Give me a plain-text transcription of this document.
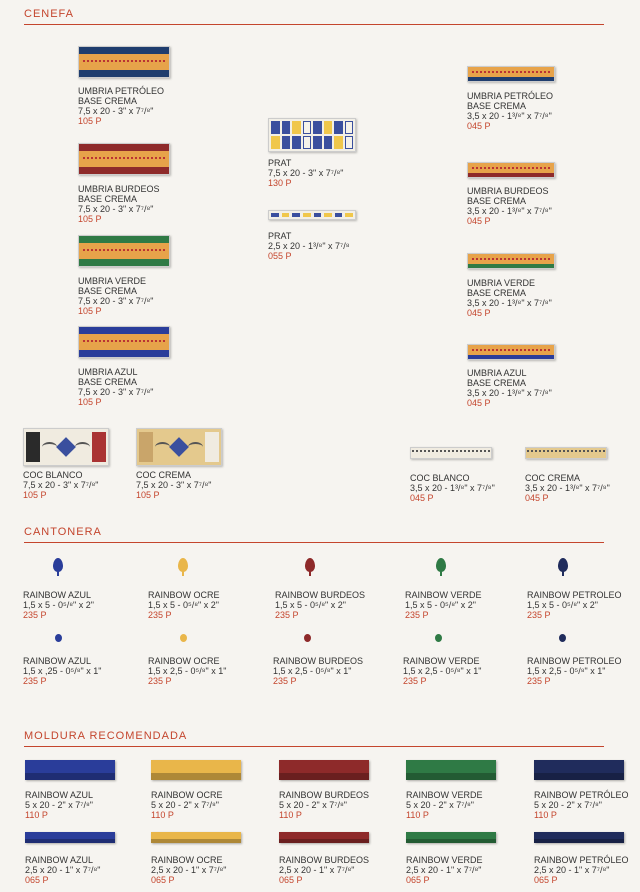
CENEFA
CANTONERA
MOLDURA RECOMENDADA
UMBRIA PETRÓLEO
BASE CREMA
7,5 x 20 - 3" x 7⁷/⁸"
105 P
UMBRIA BURDEOS
BASE CREMA
7,5 x 20 - 3" x 7⁷/⁸"
105 P
UMBRIA VERDE
BASE CREMA
7,5 x 20 - 3" x 7⁷/⁸"
105 P
UMBRIA AZUL
BASE CREMA
7,5 x 20 - 3" x 7⁷/⁸"
105 P
PRAT
7,5 x 20 - 3" x 7⁷/⁸"
130 P
PRAT
2,5 x 20 - 1³/⁸" x 7⁷/⁸
055 P
UMBRIA PETRÓLEO
BASE CREMA
3,5 x 20 - 1³/⁸" x 7⁷/⁸"
045 P
UMBRIA BURDEOS
BASE CREMA
3,5 x 20 - 1³/⁸" x 7⁷/⁸"
045 P
UMBRIA VERDE
BASE CREMA
3,5 x 20 - 1³/⁸" x 7⁷/⁸"
045 P
UMBRIA AZUL
BASE CREMA
3,5 x 20 - 1³/⁸" x 7⁷/⁸"
045 P
COC BLANCO
7,5 x 20 - 3" x 7⁷/⁸"
105 P
COC CREMA
7,5 x 20 - 3" x 7⁷/⁸"
105 P
COC BLANCO
3,5 x 20 - 1³/⁸" x 7⁷/⁸"
045 P
COC CREMA
3,5 x 20 - 1³/⁸" x 7⁷/⁸"
045 P
RAINBOW AZUL
1,5 x 5 - 0⁵/⁸" x 2"
235 P
RAINBOW OCRE
1,5 x 5 - 0⁵/⁸" x 2"
235 P
RAINBOW BURDEOS
1,5 x 5 - 0⁵/⁸" x 2"
235 P
RAINBOW VERDE
1,5 x 5 - 0⁵/⁸" x 2"
235 P
RAINBOW PETROLEO
1,5 x 5 - 0⁵/⁸" x 2"
235 P
RAINBOW AZUL
1,5 x ,25 - 0⁵/⁸" x 1"
235 P
RAINBOW OCRE
1,5 x 2,5 - 0⁵/⁸" x 1"
235 P
RAINBOW BURDEOS
1,5 x 2,5 - 0⁵/⁸" x 1"
235 P
RAINBOW VERDE
1,5 x 2,5 - 0⁵/⁸" x 1"
235 P
RAINBOW PETROLEO
1,5 x 2,5 - 0⁵/⁸" x 1"
235 P
RAINBOW AZUL
5 x 20 - 2" x 7⁷/⁸"
110 P
RAINBOW OCRE
5 x 20 - 2" x 7⁷/⁸"
110 P
RAINBOW BURDEOS
5 x 20 - 2" x 7⁷/⁸"
110 P
RAINBOW VERDE
5 x 20 - 2" x 7⁷/⁸"
110 P
RAINBOW PETRÓLEO
5 x 20 - 2" x 7⁷/⁸"
110 P
RAINBOW AZUL
2,5 x 20 - 1" x 7⁷/⁸"
065 P
RAINBOW OCRE
2,5 x 20 - 1" x 7⁷/⁸"
065 P
RAINBOW BURDEOS
2,5 x 20 - 1" x 7⁷/⁸"
065 P
RAINBOW VERDE
2,5 x 20 - 1" x 7⁷/⁸"
065 P
RAINBOW PETRÓLEO
2,5 x 20 - 1" x 7⁷/⁸"
065 P
